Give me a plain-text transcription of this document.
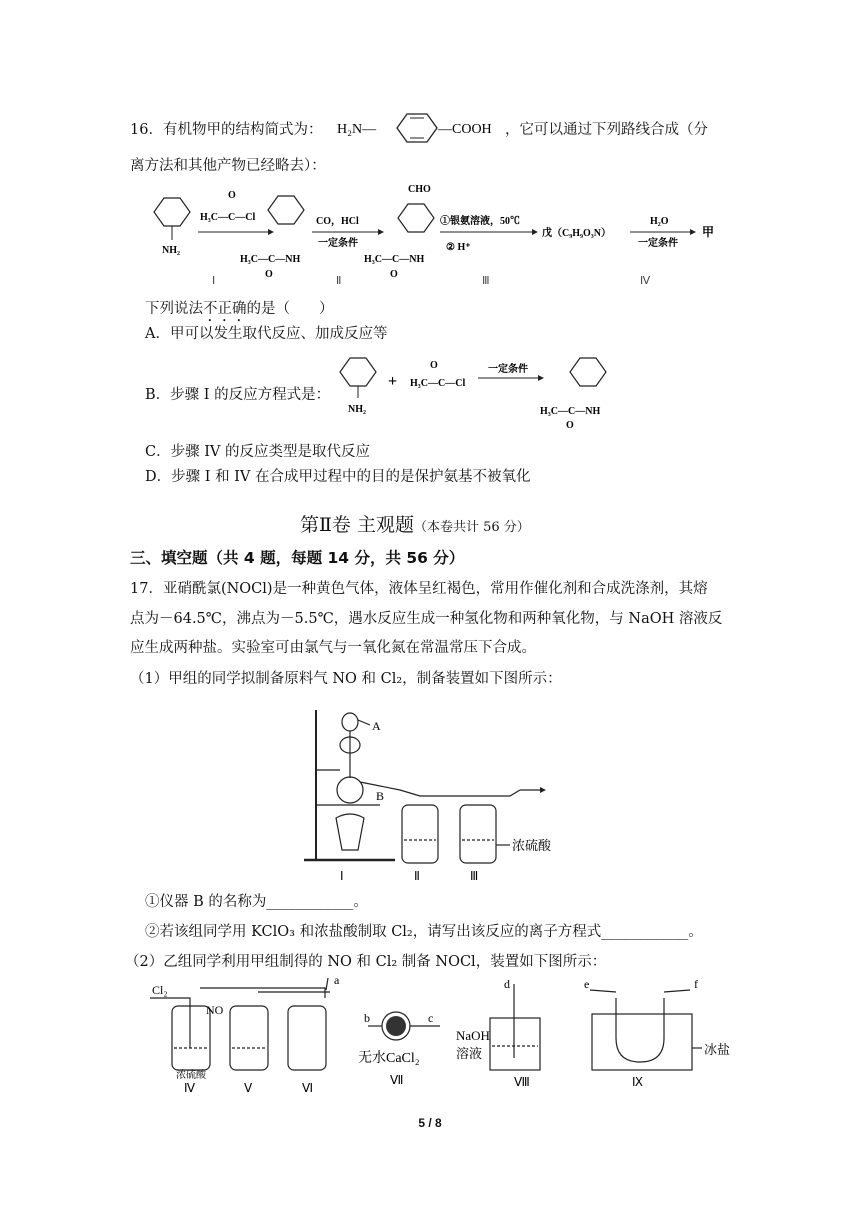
16．有机物甲的结构简式为： H₂N—	—COOH ，它可以通过下列路线合成（分
离方法和其他产物已经略去）：
NH₂
O
H₃C—C—Cl
H₃C—C—NH
O
CO，HCl
一定条件
CHO
H₃C—C—NH
O
①银氨溶液，50℃
② H⁺
戊（C₉H₉O₃N）
H₂O
一定条件
甲
Ⅰ	Ⅱ	Ⅲ	Ⅳ
下列说法不正确的是（　　）
A．甲可以发生取代反应、加成反应等
B．步骤 I 的反应方程式是：
NH₂
+
O
H₃C—C—Cl
一定条件
H₃C—C—NH
O
C．步骤 IV 的反应类型是取代反应
D．步骤 I 和 IV 在合成甲过程中的目的是保护氨基不被氧化
第Ⅱ卷 主观题（本卷共计 56 分）
三、填空题（共 4 题，每题 14 分，共 56 分）
17．亚硝酰氯(NOCl)是一种黄色气体，液体呈红褐色，常用作催化剂和合成洗涤剂，其熔
点为－64.5℃，沸点为－5.5℃，遇水反应生成一种氢化物和两种氧化物，与 NaOH 溶液反
应生成两种盐。实验室可由氯气与一氧化氮在常温常压下合成。
（1）甲组的同学拟制备原料气 NO 和 Cl₂，制备装置如下图所示：
A
B
浓硫酸
Ⅰ	Ⅱ	Ⅲ
①仪器 B 的名称为____________。
②若该组同学用 KClO₃ 和浓盐酸制取 Cl₂，请写出该反应的离子方程式____________。
（2）乙组同学利用甲组制得的 NO 和 Cl₂ 制备 NOCl，装置如下图所示：
Cl₂
NO
a
浓硫酸
Ⅳ	Ⅴ	Ⅵ
b	c
无水CaCl₂
Ⅶ
d
NaOH
溶液
Ⅷ
e	f
冰盐
Ⅸ
5 / 8
